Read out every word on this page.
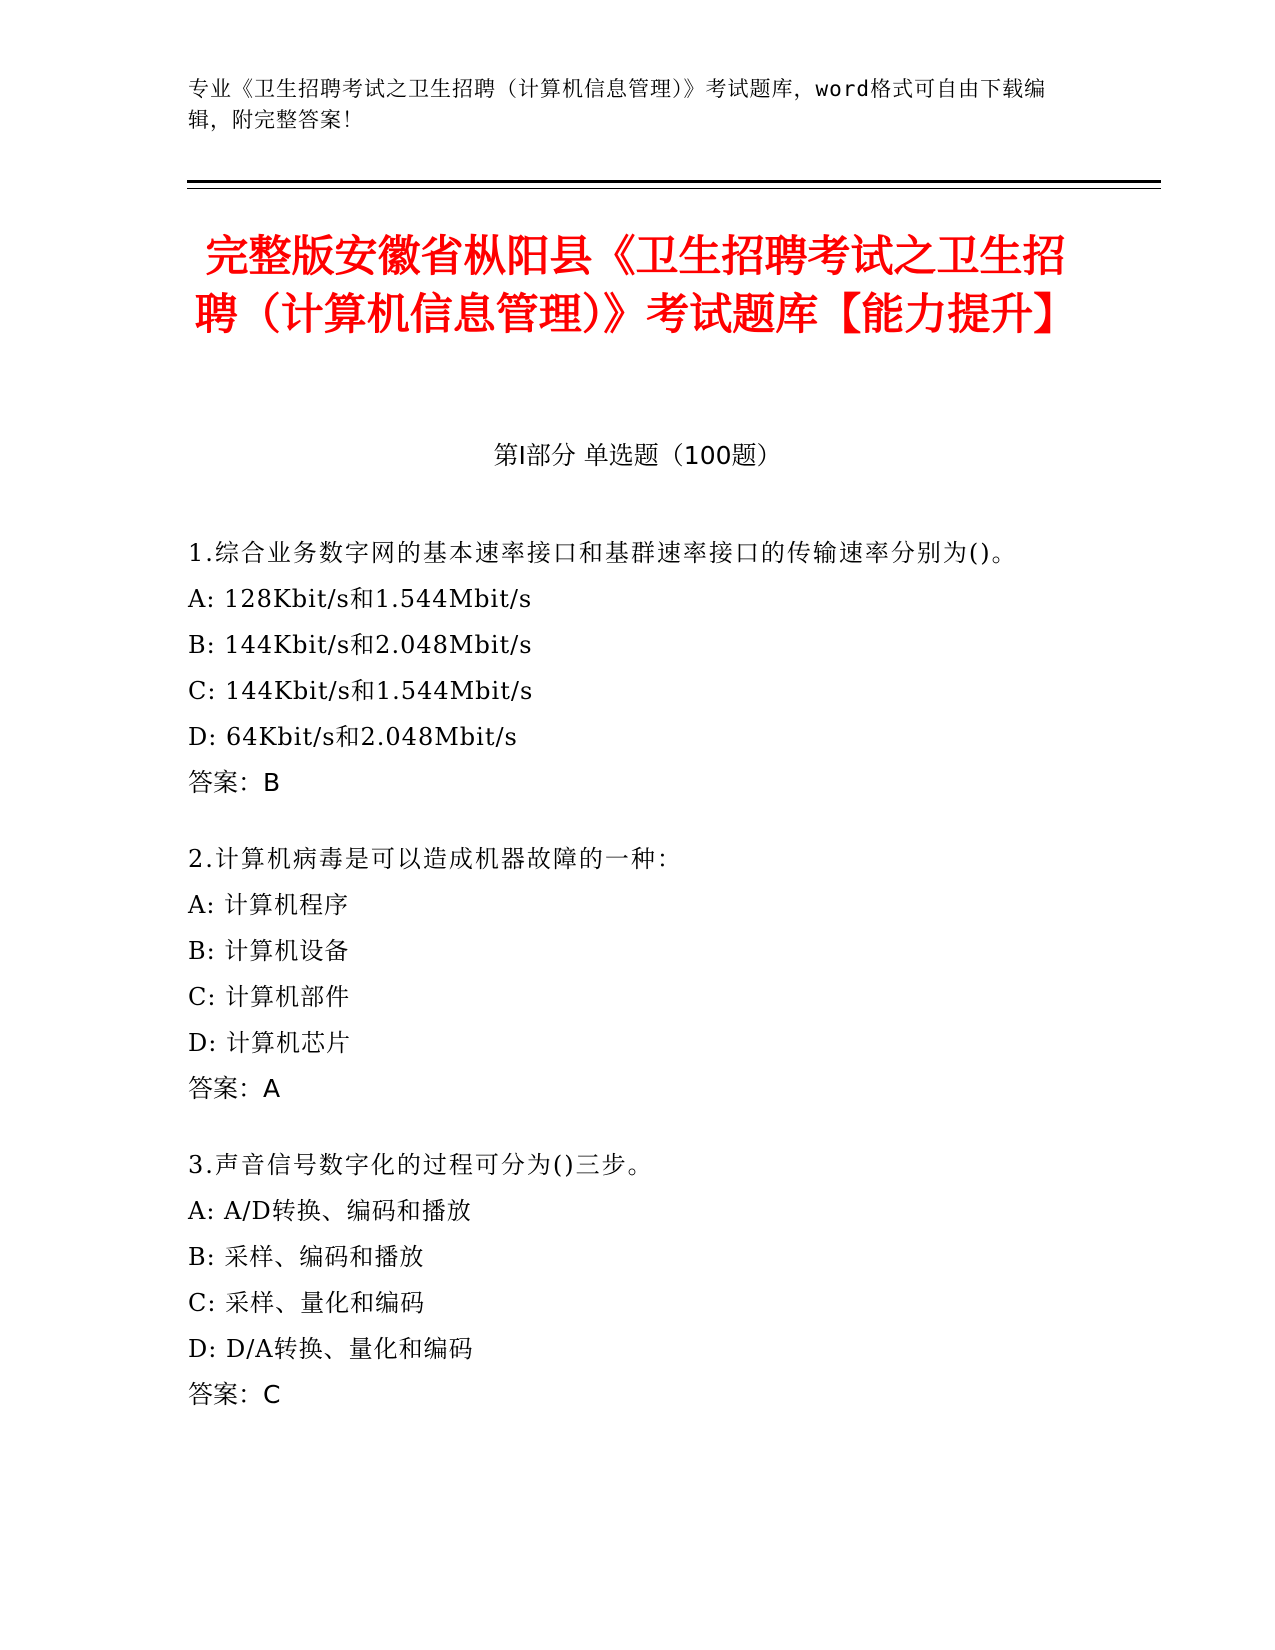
专业《卫生招聘考试之卫生招聘（计算机信息管理）》考试题库，word格式可自由下载编辑，附完整答案！
完整版安徽省枞阳县《卫生招聘考试之卫生招聘（计算机信息管理）》考试题库【能力提升】
第I部分 单选题（100题）
1.综合业务数字网的基本速率接口和基群速率接口的传输速率分别为()。
A: 128Kbit/s和1.544Mbit/s
B: 144Kbit/s和2.048Mbit/s
C: 144Kbit/s和1.544Mbit/s
D: 64Kbit/s和2.048Mbit/s
答案：B
2.计算机病毒是可以造成机器故障的一种：
A: 计算机程序
B: 计算机设备
C: 计算机部件
D: 计算机芯片
答案：A
3.声音信号数字化的过程可分为()三步。
A: A/D转换、编码和播放
B: 采样、编码和播放
C: 采样、量化和编码
D: D/A转换、量化和编码
答案：C
